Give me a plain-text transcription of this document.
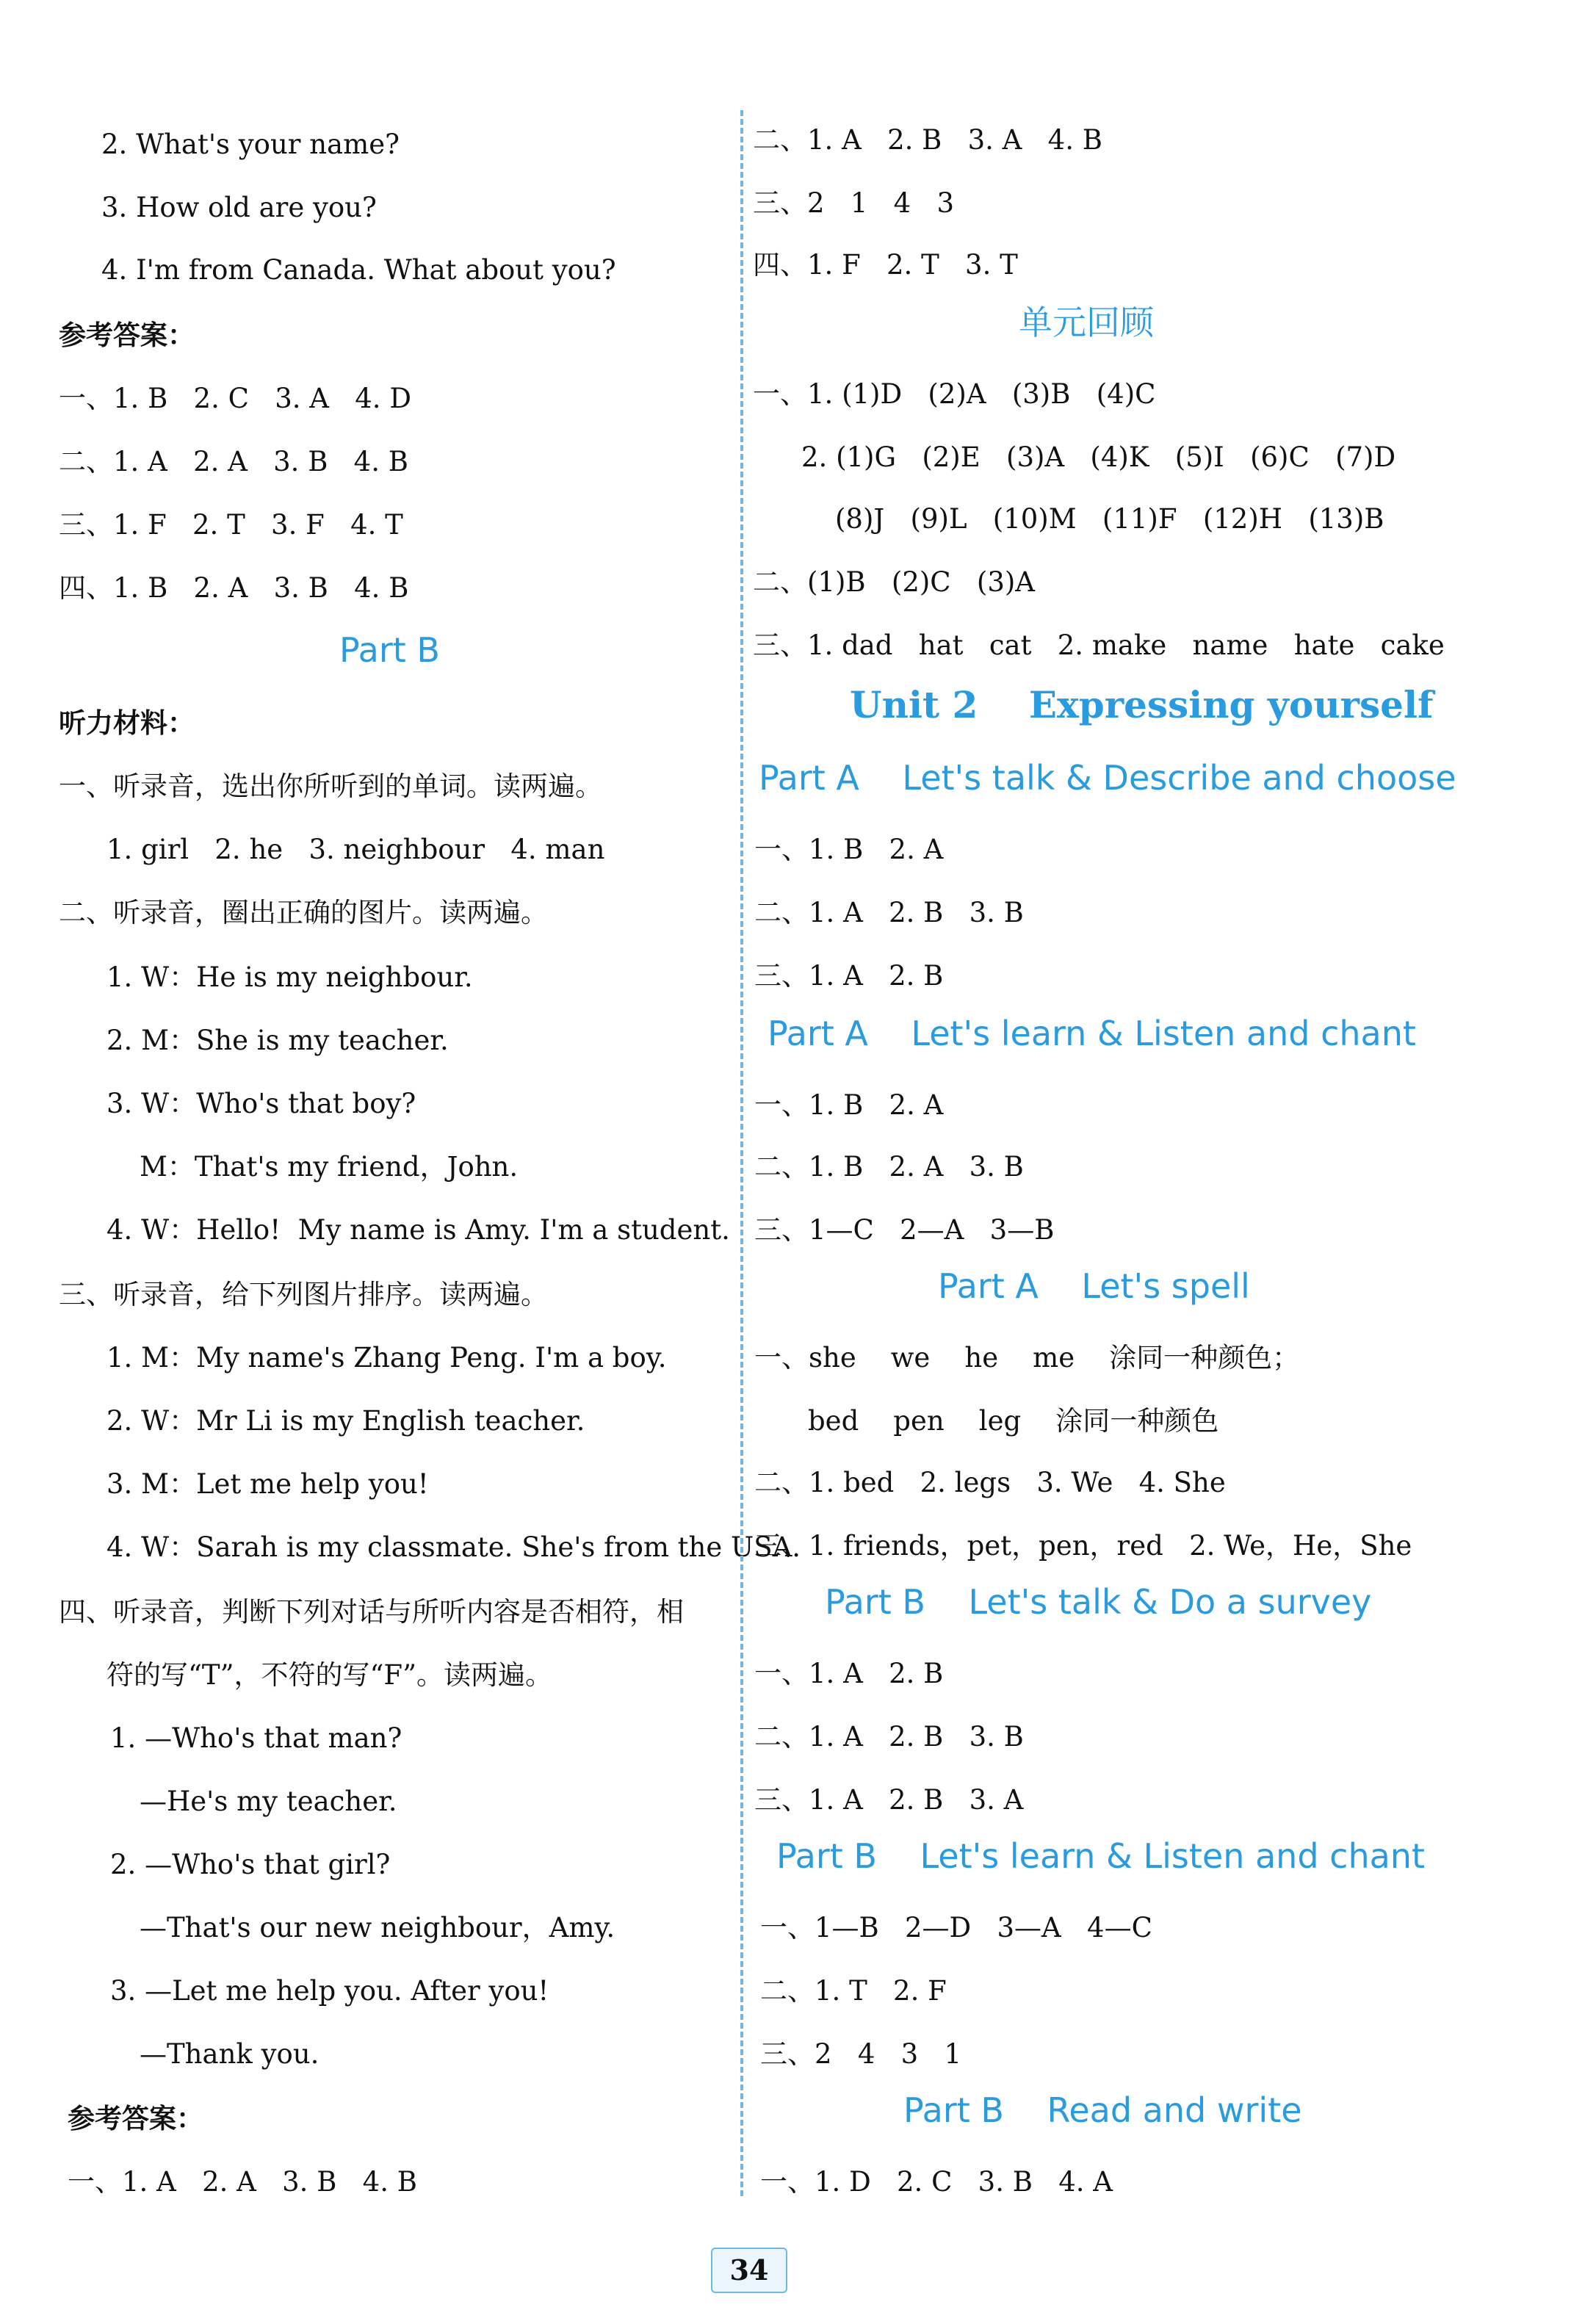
2. What's your name?
3. How old are you?
4. I'm from Canada. What about you?
参考答案：
一、1. B   2. C   3. A   4. D
二、1. A   2. A   3. B   4. B
三、1. F   2. T   3. F   4. T
四、1. B   2. A   3. B   4. B
Part B
听力材料：
一、听录音，选出你所听到的单词。读两遍。
1. girl   2. he   3. neighbour   4. man
二、听录音，圈出正确的图片。读两遍。
1. W：He is my neighbour.
2. M：She is my teacher.
3. W：Who's that boy?
M：That's my friend，John.
4. W：Hello!  My name is Amy. I'm a student.
三、听录音，给下列图片排序。读两遍。
1. M：My name's Zhang Peng. I'm a boy.
2. W：Mr Li is my English teacher.
3. M：Let me help you!
4. W：Sarah is my classmate. She's from the USA.
四、听录音，判断下列对话与所听内容是否相符，相
符的写“T”，不符的写“F”。读两遍。
1. —Who's that man?
—He's my teacher.
2. —Who's that girl?
—That's our new neighbour，Amy.
3. —Let me help you. After you!
—Thank you.
参考答案：
一、1. A   2. A   3. B   4. B
二、1. A   2. B   3. A   4. B
三、2   1   4   3
四、1. F   2. T   3. T
单元回顾
一、1. (1)D   (2)A   (3)B   (4)C
2. (1)G   (2)E   (3)A   (4)K   (5)I   (6)C   (7)D
(8)J   (9)L   (10)M   (11)F   (12)H   (13)B
二、(1)B   (2)C   (3)A
三、1. dad   hat   cat   2. make   name   hate   cake
Unit 2    Expressing yourself
Part A    Let's talk & Describe and choose
一、1. B   2. A
二、1. A   2. B   3. B
三、1. A   2. B
Part A    Let's learn & Listen and chant
一、1. B   2. A
二、1. B   2. A   3. B
三、1—C   2—A   3—B
Part A    Let's spell
一、she    we    he    me    涂同一种颜色；
bed    pen    leg    涂同一种颜色
二、1. bed   2. legs   3. We   4. She
三、1. friends，pet，pen，red   2. We，He，She
Part B    Let's talk & Do a survey
一、1. A   2. B
二、1. A   2. B   3. B
三、1. A   2. B   3. A
Part B    Let's learn & Listen and chant
一、1—B   2—D   3—A   4—C
二、1. T   2. F
三、2   4   3   1
Part B    Read and write
一、1. D   2. C   3. B   4. A
34
